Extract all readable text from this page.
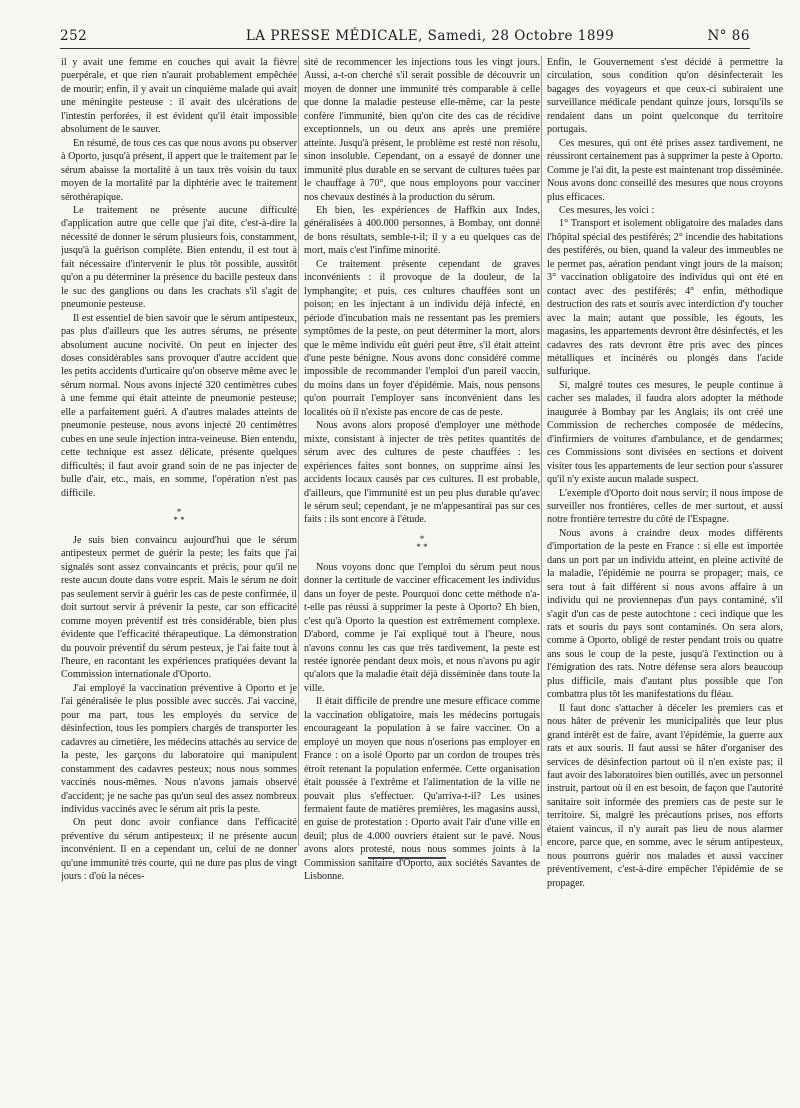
252	LA PRESSE MÉDICALE, Samedi, 28 Octobre 1899	N° 86

il y avait une femme en couches qui avait la fièvre puerpérale, et que rien n'aurait probablement empêchée de mourir; enfin, il y avait un cinquième malade qui avait une méningite pesteuse : il avait des ulcérations de l'intestin perforées, il est évident qu'il était impossible absolument de le sauver.

En résumé, de tous ces cas que nous avons pu observer à Oporto, jusqu'à présent, il appert que le traitement par le sérum abaisse la mortalité à un taux très voisin du taux moyen de la mortalité par la diphtérie avec le traitement sérothérapique.

Le traitement ne présente aucune difficulté d'application autre que celle que j'ai dite, c'est-à-dire la nécessité de donner le sérum plusieurs fois, constamment, jusqu'à la guérison complète. Bien entendu, il est tout à fait nécessaire d'intervenir le plus tôt possible, aussitôt qu'on a pu déterminer la présence du bacille pesteux dans le suc des ganglions ou dans les crachats s'il s'agit de pneumonie pesteuse.

Il est essentiel de bien savoir que le sérum antipesteux, pas plus d'ailleurs que les autres sérums, ne présente absolument aucune nocivité. On peut en injecter des doses considérables sans provoquer d'autre accident que les petits accidents d'urticaire qu'on observe même avec le sérum normal. Nous avons injecté 320 centimètres cubes à une femme qui était atteinte de pneumonie pesteuse; elle a parfaitement guéri. A d'autres malades atteints de pneumonie pesteuse, nous avons injecté 20 centimètres cubes en une seule injection intra-veineuse. Bien entendu, cette technique est assez délicate, présente quelques difficultés; il faut avoir grand soin de ne pas injecter de bulle d'air, etc., mais, en somme, l'opération n'est pas difficile.

*
* *

Je suis bien convaincu aujourd'hui que le sérum antipesteux permet de guérir la peste; les faits que j'ai signalés sont assez convaincants et précis, pour qu'il ne reste aucun doute dans votre esprit. Mais le sérum ne doit pas seulement servir à guérir les cas de peste confirmée, il doit surtout servir à prévenir la peste, car son efficacité comme moyen préventif est très considérable, bien plus évidente que l'efficacité thérapeutique. La démonstration du pouvoir préventif du sérum pesteux, je l'ai faite tout à l'heure, en racontant les expériences pratiquées devant la Commission internationale d'Oporto.

J'ai employé la vaccination préventive à Oporto et je l'ai généralisée le plus possible avec succès. J'ai vacciné, pour ma part, tous les employés du service de désinfection, tous les pompiers chargés de transporter les cadavres au cimetière, les médecins attachés au service de la peste, les garçons du laboratoire qui manipulent constamment des cadavres pesteux; nous nous sommes vaccinés nous-mêmes. Nous n'avons jamais observé d'accident; je ne sache pas qu'un seul des assez nombreux individus vaccinés avec le sérum ait pris la peste.

On peut donc avoir confiance dans l'efficacité préventive du sérum antipesteux; il ne présente aucun inconvénient. Il en a cependant un, celui de ne donner qu'une immunité très courte, qui ne dure pas plus de vingt jours : d'où la néces-

sité de recommencer les injections tous les vingt jours. Aussi, a-t-on cherché s'il serait possible de découvrir un moyen de donner une immunité très comparable à celle que donne la maladie pesteuse elle-même, car la peste confère l'immunité, bien qu'on cite des cas de récidive exceptionnels, un ou deux ans après une première atteinte. Jusqu'à présent, le problème est resté non résolu, sinon insoluble. Cependant, on a essayé de donner une immunité plus durable en se servant de cultures tuées par le chauffage à 70°, que nous employons pour vacciner nos chevaux destinés à la production du sérum.

Eh bien, les expériences de Haffkin aux Indes, généralisées à 400.000 personnes, à Bombay, ont donné de bons résultats, semble-t-il; il y a eu quelques cas de mort, mais c'est l'infime minorité.

Ce traitement présente cependant de graves inconvénients : il provoque de la douleur, de la lymphangite; et puis, ces cultures chauffées sont un poison; en les injectant à un individu déjà infecté, en période d'incubation mais ne ressentant pas les premiers symptômes de la peste, on peut déterminer la mort, alors que le même individu eût guéri peut être, s'il était atteint d'une peste bénigne. Nous avons donc considéré comme impossible de recommander l'emploi d'un pareil vaccin, du moins dans un foyer d'épidémie. Mais, nous pensons qu'on pourrait l'employer sans inconvénient dans les localités où il n'existe pas encore de cas de peste.

Nous avons alors proposé d'employer une méthode mixte, consistant à injecter de très petites quantités de sérum avec des cultures de peste chauffées : les expériences faites sont bonnes, on supprime ainsi les accidents locaux causés par ces cultures. Il est probable, d'ailleurs, que l'immunité est un peu plus durable qu'avec le sérum seul; cependant, je ne m'appesantirai pas sur ces faits : ils sont encore à l'étude.

*
* *

Nous voyons donc que l'emploi du sérum peut nous donner la certitude de vacciner efficacement les individus dans un foyer de peste. Pourquoi donc cette méthode n'a-t-elle pas réussi à supprimer la peste à Oporto? Eh bien, c'est qu'à Oporto la question est extrêmement complexe. D'abord, comme je l'ai expliqué tout à l'heure, nous n'avons connu les cas que très tardivement, la peste est restée ignorée pendant deux mois, et nous n'avons pu agir qu'alors que la maladie était déjà disséminée dans toute la ville.

Il était difficile de prendre une mesure efficace comme la vaccination obligatoire, mais les médecins portugais encourageant la population à se faire vacciner. On a employé un moyen que nous n'oserions pas employer en France : on a isolé Oporto par un cordon de troupes très étroit retenant la population enfermée. Cette organisation était poussée à l'extrême et l'alimentation de la ville ne pouvait plus s'effectuer. Qu'arriva-t-il? Les usines fermaient faute de matières premières, les magasins aussi, en guise de protestation : Oporto avait l'air d'une ville en deuil; plus de 4.000 ouvriers étaient sur le pavé. Nous avons alors protesté, nous nous sommes joints à la Commission sanitaire d'Oporto, aux sociétés Savantes de Lisbonne.

Enfin, le Gouvernement s'est décidé à permettre la circulation, sous condition qu'on désinfecterait les bagages des voyageurs et que ceux-ci subiraient une surveillance médicale pendant quinze jours, lorsqu'ils se rendaient dans un point quelconque du territoire portugais.

Ces mesures, qui ont été prises assez tardivement, ne réussiront certainement pas à supprimer la peste à Oporto. Comme je l'ai dit, la peste est maintenant trop disséminée. Nous avons donc conseillé des mesures que nous croyons plus efficaces.

Ces mesures, les voici :

1° Transport et isolement obligatoire des malades dans l'hôpital spécial des pestiférés; 2° incendie des habitations des pestiférés, ou bien, quand la valeur des immeubles ne le permet pas, aération pendant vingt jours de la maison; 3° vaccination obligatoire des individus qui ont été en contact avec des pestiférés; 4° enfin, méthodique destruction des rats et souris avec interdiction d'y toucher avec la main; autant que possible, les égouts, les magasins, les appartements devront être désinfectés, et les cadavres des rats devront être pris avec des pinces métalliques et incinérés ou plongés dans l'acide sulfurique.

Si, malgré toutes ces mesures, le peuple continue à cacher ses malades, il faudra alors adopter la méthode inaugurée à Bombay par les Anglais; ils ont créé une Commission de recherches composée de médecins, d'infirmiers de voitures d'ambulance, et de gendarmes; ces Commissions sont divisées en sections et doivent visiter tous les appartements de leur section pour s'assurer qu'il n'y existe aucun malade suspect.

L'exemple d'Oporto doit nous servir; il nous impose de surveiller nos frontières, celles de mer surtout, et aussi notre frontière terrestre du côté de l'Espagne.

Nous avons à craindre deux modes différents d'importation de la peste en France : si elle est importée dans un port par un individu atteint, en pleine activité de la maladie, l'épidémie ne pourra se propager; mais, ce sera tout à fait différent si nous avons affaire à un individu qui ne proviennepas d'un pays contaminé, s'il s'agit d'un cas de peste autochtone : ceci indique que les rats et souris du pays sont contaminés. On sera alors, comme à Oporto, obligé de rester pendant trois ou quatre ans sous le coup de la peste, jusqu'à l'extinction ou à l'émigration des rats. Notre défense sera alors beaucoup plus difficile, mais d'autant plus possible que l'on combattra plus tôt les manifestations du fléau.

Il faut donc s'attacher à déceler les premiers cas et nous hâter de prévenir les municipalités que leur plus grand intérêt est de faire, avant l'épidémie, la guerre aux rats et aux souris. Il faut aussi se hâter d'organiser des services de désinfection partout où il n'en existe pas; il faut avoir des laboratoires bien outillés, avec un personnel instruit, partout où il en est besoin, de façon que l'autorité sanitaire soit informée des premiers cas de peste sur le territoire. Si, malgré les précautions prises, nos efforts étaient vaincus, il n'y aurait pas lieu de nous alarmer encore, parce que, en somme, avec le sérum antipesteux, nous pourrons guérir nos malades et aussi vacciner préventivement, c'est-à-dire empêcher l'épidémie de se propager.
